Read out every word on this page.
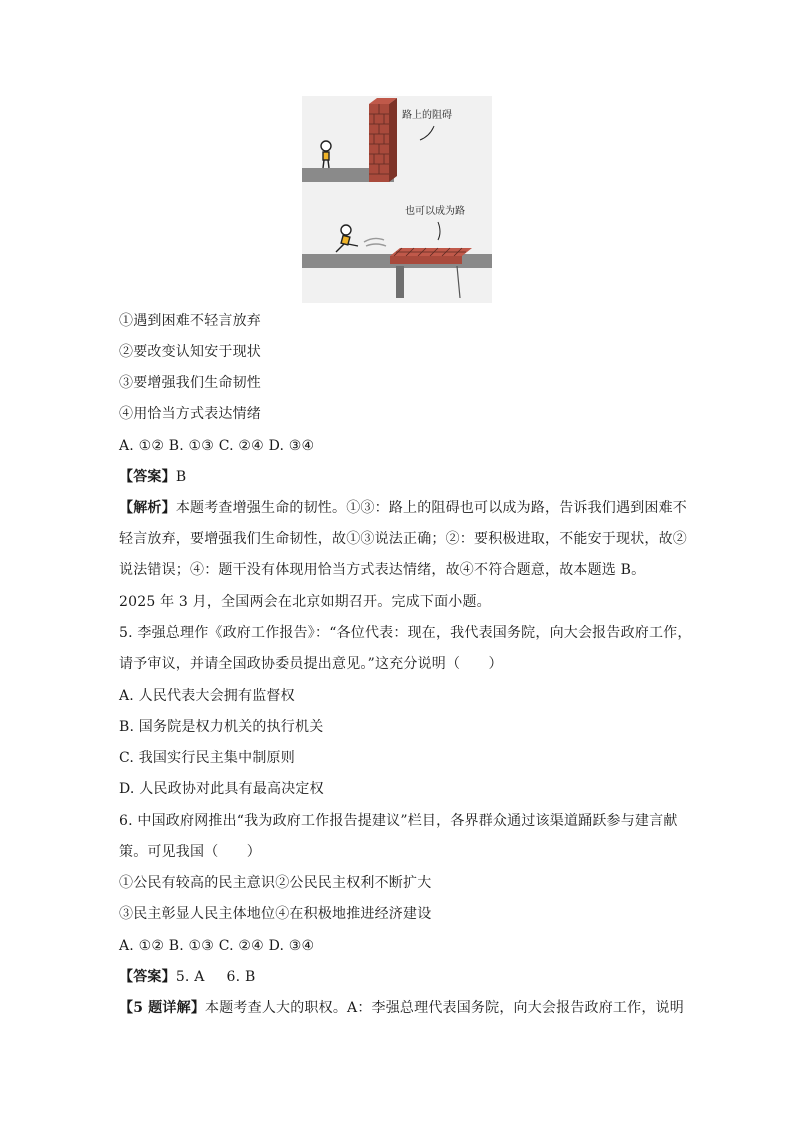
路上的阻碍
也可以成为路
①遇到困难不轻言放弃
②要改变认知安于现状
③要增强我们生命韧性
④用恰当方式表达情绪
A. ①② B. ①③ C. ②④ D. ③④
【答案】B
【解析】本题考查增强生命的韧性。①③：路上的阻碍也可以成为路，告诉我们遇到困难不
轻言放弃，要增强我们生命韧性，故①③说法正确；②：要积极进取，不能安于现状，故②
说法错误；④：题干没有体现用恰当方式表达情绪，故④不符合题意，故本题选 B。
2025 年 3 月，全国两会在北京如期召开。完成下面小题。
5. 李强总理作《政府工作报告》：“各位代表：现在，我代表国务院，向大会报告政府工作，
请予审议，并请全国政协委员提出意见。”这充分说明（　　）
A. 人民代表大会拥有监督权
B. 国务院是权力机关的执行机关
C. 我国实行民主集中制原则
D. 人民政协对此具有最高决定权
6. 中国政府网推出“我为政府工作报告提建议”栏目，各界群众通过该渠道踊跃参与建言献
策。可见我国（　　）
①公民有较高的民主意识②公民民主权利不断扩大
③民主彰显人民主体地位④在积极地推进经济建设
A. ①② B. ①③ C. ②④ D. ③④
【答案】5. A 6. B
【5 题详解】本题考查人大的职权。A：李强总理代表国务院，向大会报告政府工作，说明
